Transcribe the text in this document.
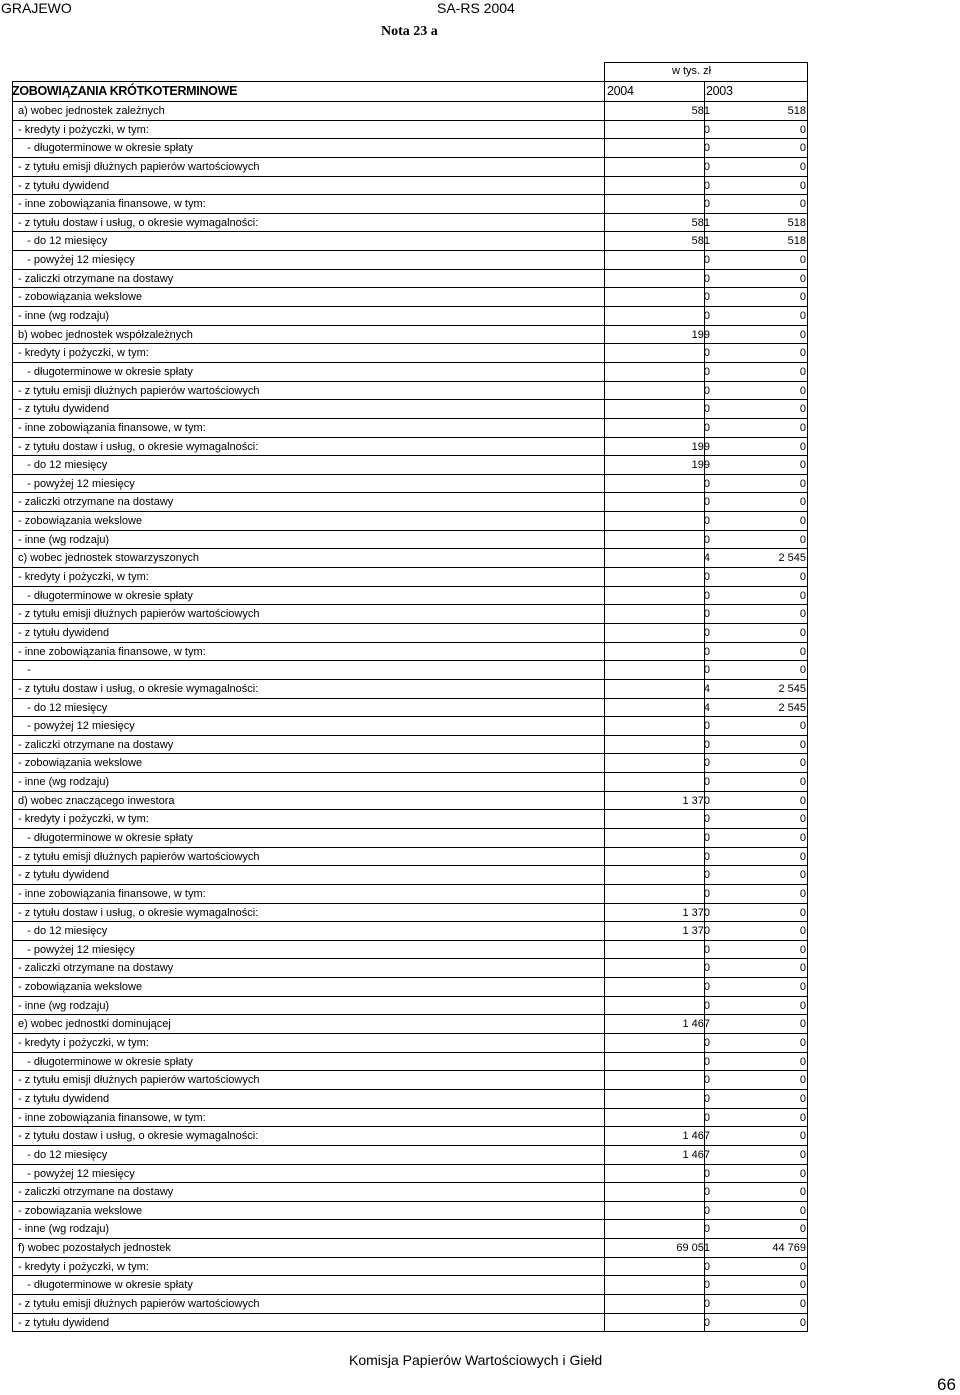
GRAJEWO	SA-RS 2004
Nota 23 a
w tys. zł
ZOBOWIĄZANIA KRÓTKOTERMINOWE	2004	2003
a) wobec jednostek zależnych	581	518
- kredyty i pożyczki, w tym:	0	0
- długoterminowe w okresie spłaty	0	0
- z tytułu emisji dłużnych papierów wartościowych	0	0
- z tytułu dywidend	0	0
- inne zobowiązania finansowe, w tym:	0	0
- z tytułu dostaw i usług, o okresie wymagalności:	581	518
- do 12 miesięcy	581	518
- powyżej 12 miesięcy	0	0
- zaliczki otrzymane na dostawy	0	0
- zobowiązania wekslowe	0	0
- inne (wg rodzaju)	0	0
b) wobec jednostek współzależnych	199	0
- kredyty i pożyczki, w tym:	0	0
- długoterminowe w okresie spłaty	0	0
- z tytułu emisji dłużnych papierów wartościowych	0	0
- z tytułu dywidend	0	0
- inne zobowiązania finansowe, w tym:	0	0
- z tytułu dostaw i usług, o okresie wymagalności:	199	0
- do 12 miesięcy	199	0
- powyżej 12 miesięcy	0	0
- zaliczki otrzymane na dostawy	0	0
- zobowiązania wekslowe	0	0
- inne (wg rodzaju)	0	0
c) wobec jednostek stowarzyszonych	4	2 545
- kredyty i pożyczki, w tym:	0	0
- długoterminowe w okresie spłaty	0	0
- z tytułu emisji dłużnych papierów wartościowych	0	0
- z tytułu dywidend	0	0
- inne zobowiązania finansowe, w tym:	0	0
-	0	0
- z tytułu dostaw i usług, o okresie wymagalności:	4	2 545
- do 12 miesięcy	4	2 545
- powyżej 12 miesięcy	0	0
- zaliczki otrzymane na dostawy	0	0
- zobowiązania wekslowe	0	0
- inne (wg rodzaju)	0	0
d) wobec znaczącego inwestora	1 370	0
- kredyty i pożyczki, w tym:	0	0
- długoterminowe w okresie spłaty	0	0
- z tytułu emisji dłużnych papierów wartościowych	0	0
- z tytułu dywidend	0	0
- inne zobowiązania finansowe, w tym:	0	0
- z tytułu dostaw i usług, o okresie wymagalności:	1 370	0
- do 12 miesięcy	1 370	0
- powyżej 12 miesięcy	0	0
- zaliczki otrzymane na dostawy	0	0
- zobowiązania wekslowe	0	0
- inne (wg rodzaju)	0	0
e) wobec jednostki dominującej	1 467	0
- kredyty i pożyczki, w tym:	0	0
- długoterminowe w okresie spłaty	0	0
- z tytułu emisji dłużnych papierów wartościowych	0	0
- z tytułu dywidend	0	0
- inne zobowiązania finansowe, w tym:	0	0
- z tytułu dostaw i usług, o okresie wymagalności:	1 467	0
- do 12 miesięcy	1 467	0
- powyżej 12 miesięcy	0	0
- zaliczki otrzymane na dostawy	0	0
- zobowiązania wekslowe	0	0
- inne (wg rodzaju)	0	0
f) wobec pozostałych jednostek	69 051	44 769
- kredyty i pożyczki, w tym:	0	0
- długoterminowe w okresie spłaty	0	0
- z tytułu emisji dłużnych papierów wartościowych	0	0
- z tytułu dywidend	0	0
Komisja Papierów Wartościowych i Giełd
66
